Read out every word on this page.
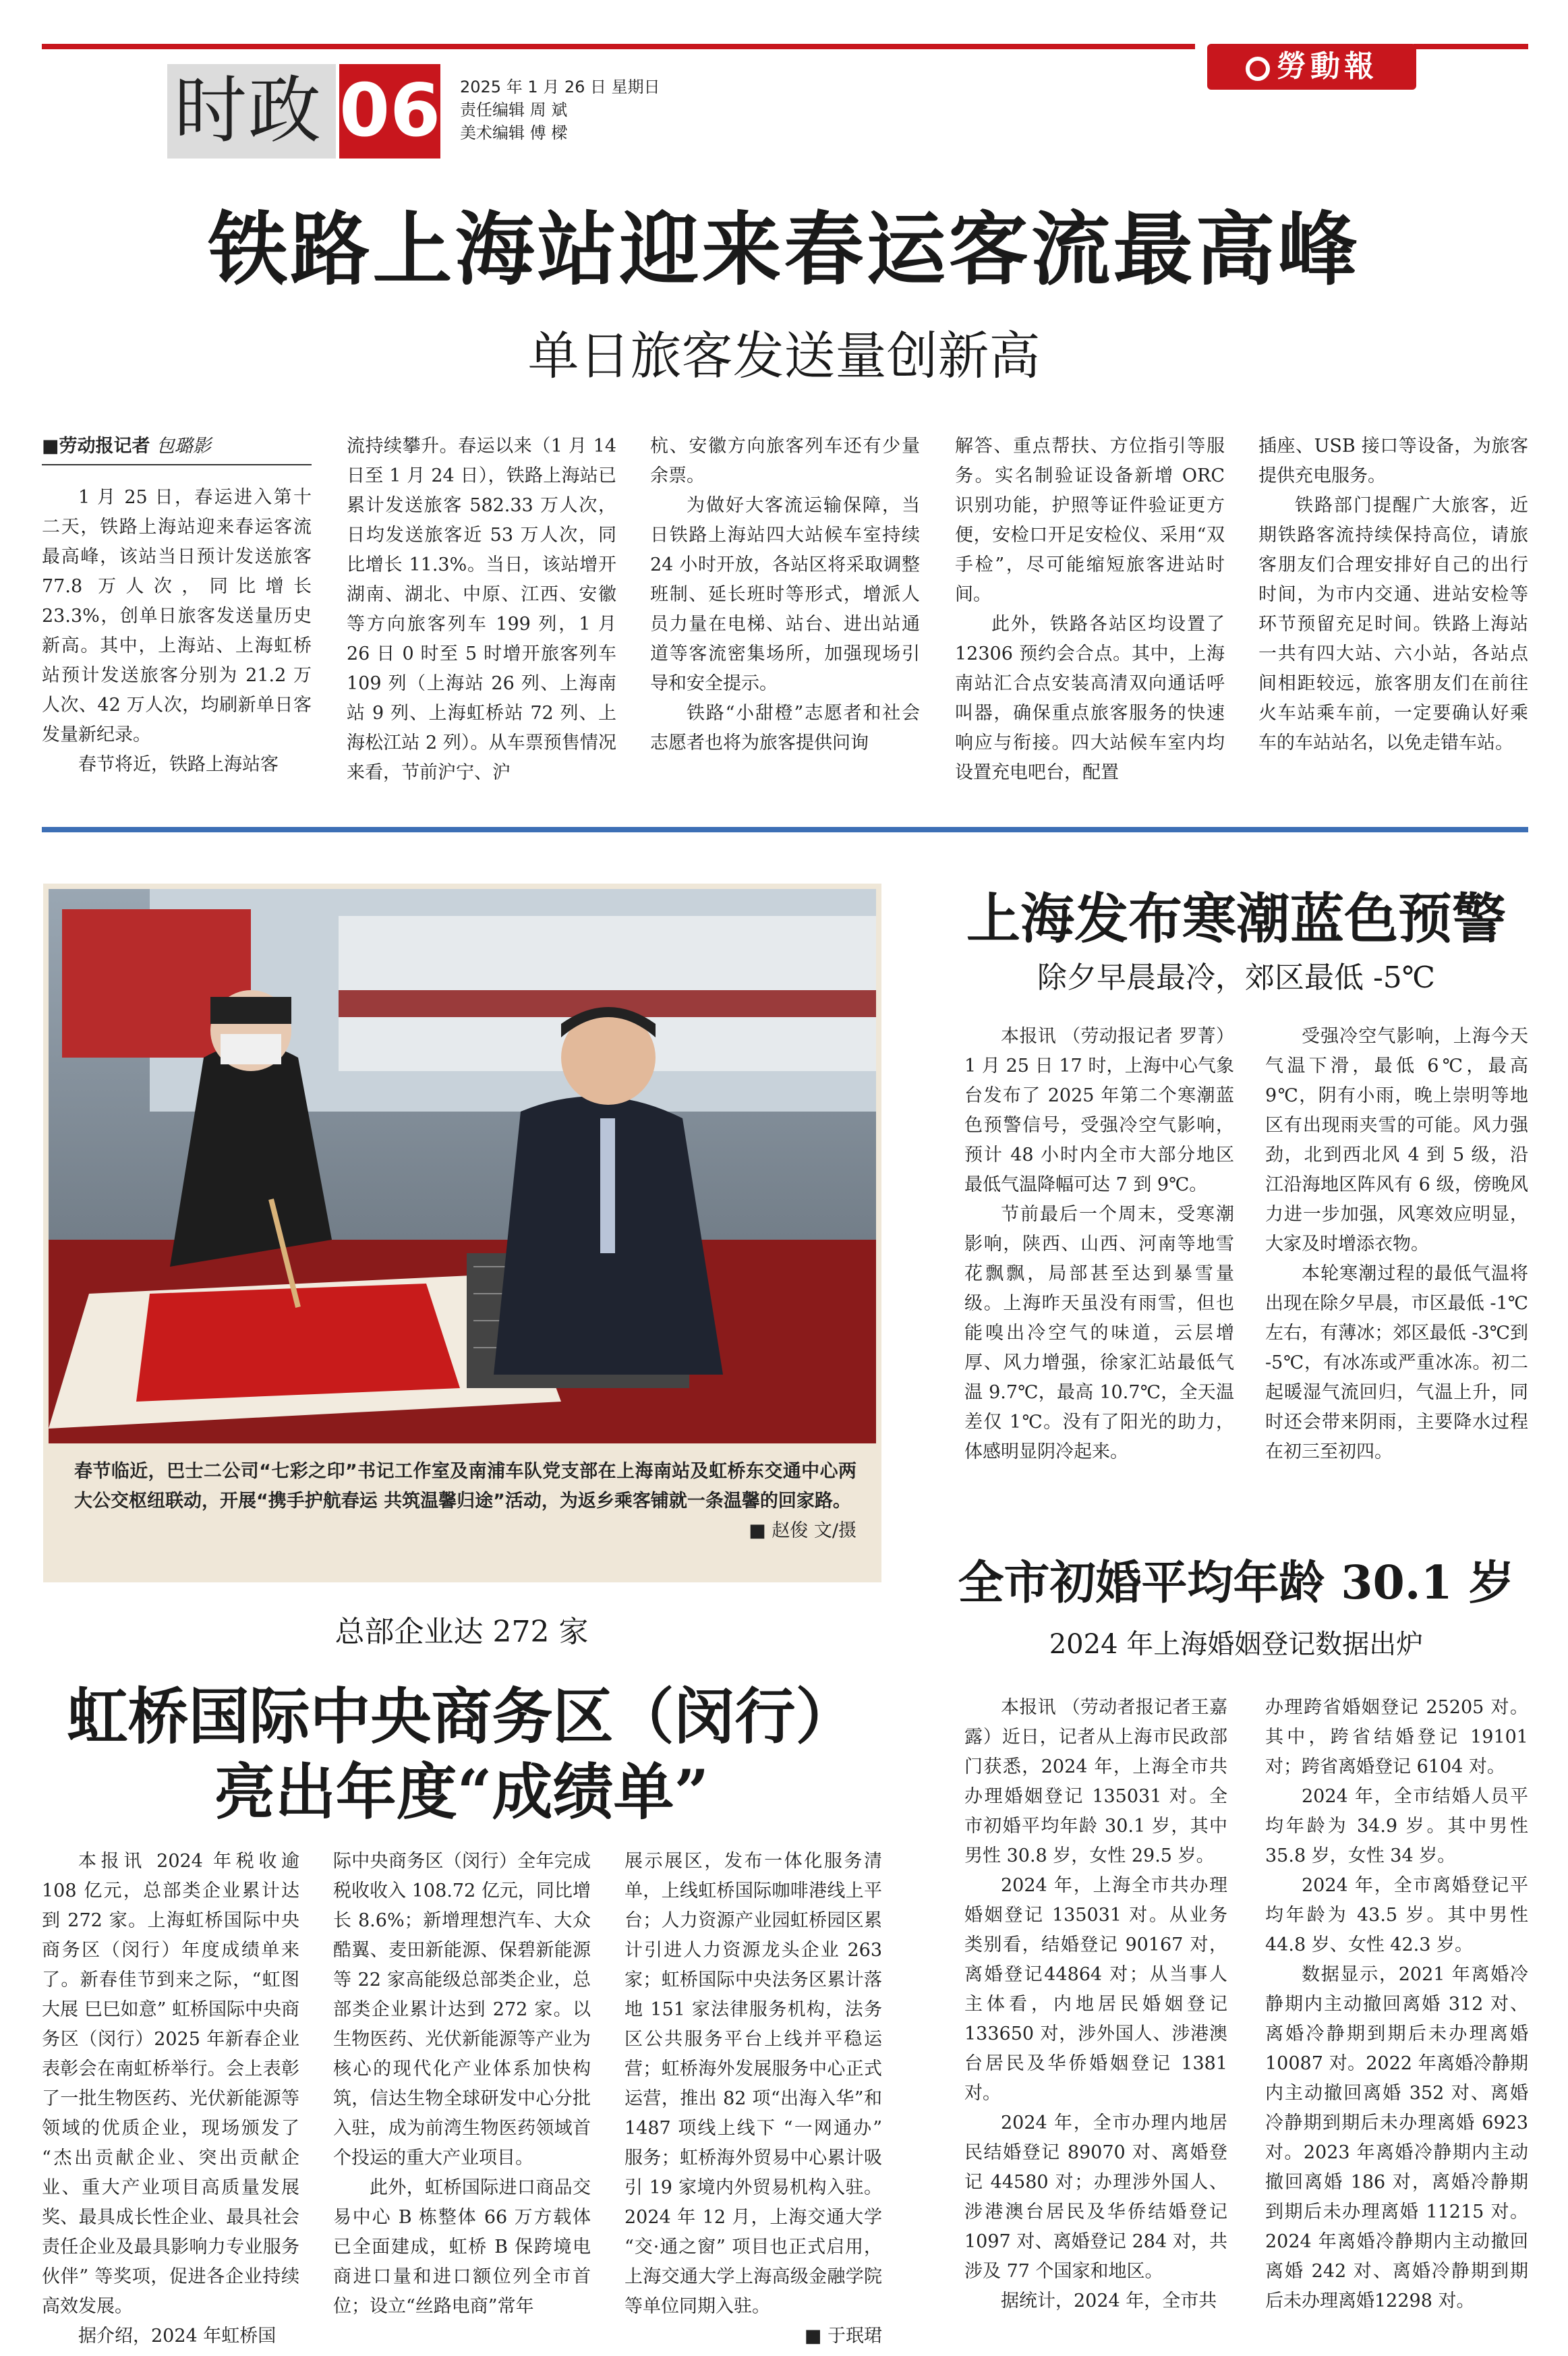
时政 06 2025 年 1 月 26 日 星期日
责任编辑 周 斌
美术编辑 傅 樑
勞動報
铁路上海站迎来春运客流最高峰
单日旅客发送量创新高
■劳动报记者 包璐影

1 月 25 日，春运进入第十二天，铁路上海站迎来春运客流最高峰，该站当日预计发送旅客 77.8 万人次，同比增长 23.3%，创单日旅客发送量历史新高。其中，上海站、上海虹桥站预计发送旅客分别为 21.2 万人次、42 万人次，均刷新单日客发量新纪录。

春节将近，铁路上海站客

流持续攀升。春运以来（1 月 14 日至 1 月 24 日），铁路上海站已累计发送旅客 582.33 万人次，日均发送旅客近 53 万人次，同比增长 11.3%。当日，该站增开湖南、湖北、中原、江西、安徽等方向旅客列车 199 列，1 月 26 日 0 时至 5 时增开旅客列车 109 列（上海站 26 列、上海南站 9 列、上海虹桥站 72 列、上海松江站 2 列）。从车票预售情况来看，节前沪宁、沪

杭、安徽方向旅客列车还有少量余票。

为做好大客流运输保障，当日铁路上海站四大站候车室持续 24 小时开放，各站区将采取调整班制、延长班时等形式，增派人员力量在电梯、站台、进出站通道等客流密集场所，加强现场引导和安全提示。

铁路“小甜橙”志愿者和社会志愿者也将为旅客提供问询

解答、重点帮扶、方位指引等服务。实名制验证设备新增 ORC 识别功能，护照等证件验证更方便，安检口开足安检仪、采用“双手检”，尽可能缩短旅客进站时间。

此外，铁路各站区均设置了 12306 预约会合点。其中，上海南站汇合点安装高清双向通话呼叫器，确保重点旅客服务的快速响应与衔接。四大站候车室内均设置充电吧台，配置

插座、USB 接口等设备，为旅客提供充电服务。

铁路部门提醒广大旅客，近期铁路客流持续保持高位，请旅客朋友们合理安排好自己的出行时间，为市内交通、进站安检等环节预留充足时间。铁路上海站一共有四大站、六小站，各站点间相距较远，旅客朋友们在前往火车站乘车前，一定要确认好乘车的车站站名，以免走错车站。

春节临近，巴士二公司“七彩之印”书记工作室及南浦车队党支部在上海南站及虹桥东交通中心两大公交枢纽联动，开展“携手护航春运 共筑温馨归途”活动，为返乡乘客铺就一条温馨的回家路。
■ 赵俊 文/摄
上海发布寒潮蓝色预警
除夕早晨最冷，郊区最低 -5℃

本报讯 （劳动报记者 罗菁）1 月 25 日 17 时，上海中心气象台发布了 2025 年第二个寒潮蓝色预警信号，受强冷空气影响，预计 48 小时内全市大部分地区最低气温降幅可达 7 到 9℃。

节前最后一个周末，受寒潮影响，陕西、山西、河南等地雪花飘飘，局部甚至达到暴雪量级。上海昨天虽没有雨雪，但也能嗅出冷空气的味道，云层增厚、风力增强，徐家汇站最低气温 9.7℃，最高 10.7℃，全天温差仅 1℃。没有了阳光的助力，体感明显阴冷起来。

受强冷空气影响，上海今天气温下滑，最低 6℃，最高 9℃，阴有小雨，晚上崇明等地区有出现雨夹雪的可能。风力强劲，北到西北风 4 到 5 级，沿江沿海地区阵风有 6 级，傍晚风力进一步加强，风寒效应明显，大家及时增添衣物。

本轮寒潮过程的最低气温将出现在除夕早晨，市区最低 -1℃左右，有薄冰；郊区最低 -3℃到 -5℃，有冰冻或严重冰冻。初二起暖湿气流回归，气温上升，同时还会带来阴雨，主要降水过程在初三至初四。

总部企业达 272 家
虹桥国际中央商务区（闵行）
亮出年度“成绩单”

本报讯 2024 年税收逾 108 亿元，总部类企业累计达到 272 家。上海虹桥国际中央商务区（闵行）年度成绩单来了。新春佳节到来之际，“虹图大展 巳巳如意” 虹桥国际中央商务区（闵行）2025 年新春企业表彰会在南虹桥举行。会上表彰了一批生物医药、光伏新能源等领域的优质企业，现场颁发了 “杰出贡献企业、突出贡献企业、重大产业项目高质量发展奖、最具成长性企业、最具社会责任企业及最具影响力专业服务伙伴” 等奖项，促进各企业持续高效发展。

据介绍，2024 年虹桥国

际中央商务区（闵行）全年完成税收收入 108.72 亿元，同比增长 8.6%；新增理想汽车、大众酷翼、麦田新能源、保碧新能源等 22 家高能级总部类企业，总部类企业累计达到 272 家。以生物医药、光伏新能源等产业为核心的现代化产业体系加快构筑，信达生物全球研发中心分批入驻，成为前湾生物医药领域首个投运的重大产业项目。

此外，虹桥国际进口商品交易中心 B 栋整体 66 万方载体已全面建成，虹桥 B 保跨境电商进口量和进口额位列全市首位；设立“丝路电商”常年

展示展区，发布一体化服务清单，上线虹桥国际咖啡港线上平台；人力资源产业园虹桥园区累计引进人力资源龙头企业 263 家；虹桥国际中央法务区累计落地 151 家法律服务机构，法务区公共服务平台上线并平稳运营；虹桥海外发展服务中心正式运营，推出 82 项“出海入华”和 1487 项线上线下 “一网通办” 服务；虹桥海外贸易中心累计吸引 19 家境内外贸易机构入驻。2024 年 12 月，上海交通大学 “交·通之窗” 项目也正式启用，上海交通大学上海高级金融学院等单位同期入驻。

■ 于珉珺

全市初婚平均年龄 30.1 岁
2024 年上海婚姻登记数据出炉

本报讯 （劳动者报记者王嘉露）近日，记者从上海市民政部门获悉，2024 年，上海全市共办理婚姻登记 135031 对。全市初婚平均年龄 30.1 岁，其中男性 30.8 岁，女性 29.5 岁。

2024 年，上海全市共办理婚姻登记 135031 对。从业务类别看，结婚登记 90167 对，离婚登记44864 对；从当事人主体看，内地居民婚姻登记 133650 对，涉外国人、涉港澳台居民及华侨婚姻登记 1381 对。

2024 年，全市办理内地居民结婚登记 89070 对、离婚登记 44580 对；办理涉外国人、涉港澳台居民及华侨结婚登记 1097 对、离婚登记 284 对，共涉及 77 个国家和地区。

据统计，2024 年，全市共

办理跨省婚姻登记 25205 对。其中，跨省结婚登记 19101 对；跨省离婚登记 6104 对。

2024 年，全市结婚人员平均年龄为 34.9 岁。其中男性 35.8 岁，女性 34 岁。

2024 年，全市离婚登记平均年龄为 43.5 岁。其中男性 44.8 岁、女性 42.3 岁。

数据显示，2021 年离婚冷静期内主动撤回离婚 312 对、离婚冷静期到期后未办理离婚 10087 对。2022 年离婚冷静期内主动撤回离婚 352 对、离婚冷静期到期后未办理离婚 6923 对。2023 年离婚冷静期内主动撤回离婚 186 对，离婚冷静期到期后未办理离婚 11215 对。2024 年离婚冷静期内主动撤回离婚 242 对、离婚冷静期到期后未办理离婚12298 对。
